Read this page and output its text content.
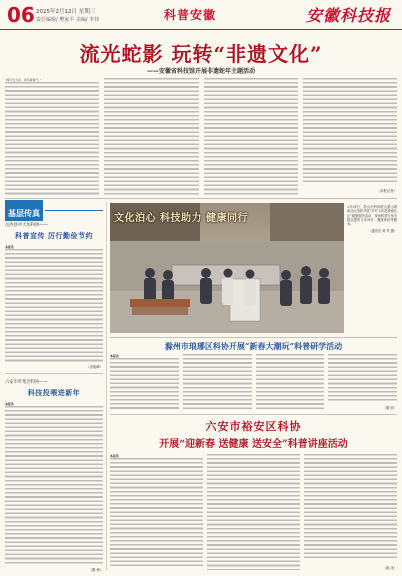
06 2025年2月12日 星期三
责任编辑/ 樊家平 美编/ 李伟	科普安徽	安徽科技报
流光蛇影 玩转“非遗文化”
——安徽省科技馆开展非遗蛇年主题活动
“两节当为序，同年新春气，”
（本报记者）
基层传真
岳西县中天坊科协——
科普宣传 厉行勤俭节约
本报讯
（洪振峰）
六安市叶集区科协——
科技投喂进新年
本报讯
（董 俊）
文化泊心 科技助力 健康同行
1月25日，蒙山市科协联合蒙山城南社区组织开展“乡村义诊进城南社区”健康服务活动，现场科普专家为群众提供义诊问诊、健康体检等服务。
（通讯员 黄 华 摄）
滁州市琅琊区科协开展“新春大潮玩”科普研学活动
本报讯
（滁 欣）
六安市裕安区科协
开展“迎新春 送健康 送安全”科普讲座活动
本报讯
（俞 泽）
